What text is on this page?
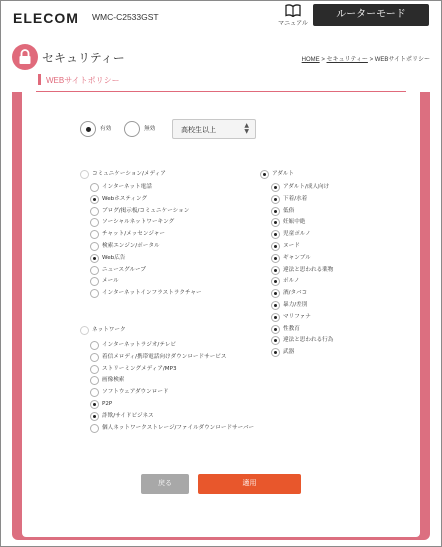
ELECOM WMC-C2533GST
マニュアル
ルーターモード
セキュリティー	HOME > セキュリティー > WEBサイトポリシー
WEBサイトポリシー
有効	無効	高校生以上
▲
▼
コミュニケーション/メディア
インターネット電話
Webホスティング
ブログ/掲示板/コミュニケーション
ソーシャルネットワーキング
チャット/メッセンジャー
検索エンジン/ポータル
Web広告
ニュースグループ
メール
インターネットインフラストラクチャー
ネットワーク
インターネットラジオ/テレビ
着信メロディ/携帯電話向けダウンロードサービス
ストリーミングメディア/MP3
画像検索
ソフトウェアダウンロード
P2P
詐欺/サイドビジネス
個人ネットワークストレージ/ファイルダウンロードサーバー
アダルト
アダルト/成人向け
下着/水着
低俗
妊娠中絶
児童ポルノ
ヌード
ギャンブル
違法と思われる薬物
ポルノ
酒/タバコ
暴力/差別
マリファナ
性教育
違法と思われる行為
武器
戻る	適用
